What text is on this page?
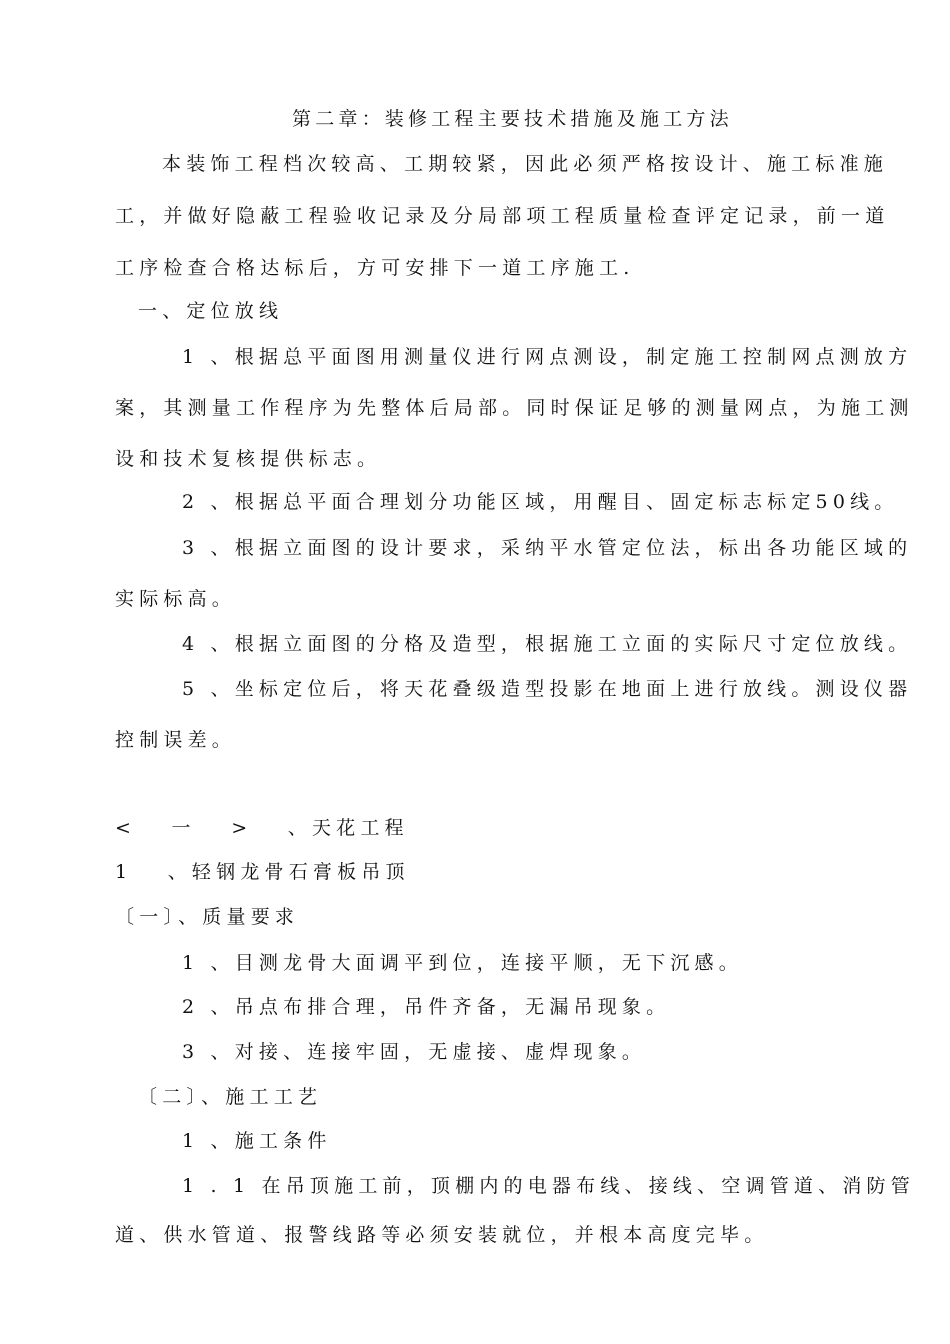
第二章：装修工程主要技术措施及施工方法
本装饰工程档次较高、工期较紧，因此必须严格按设计、施工标准施
工，并做好隐蔽工程验收记录及分局部项工程质量检查评定记录，前一道
工序检查合格达标后，方可安排下一道工序施工.
一、定位放线
1 、根据总平面图用测量仪进行网点测设，制定施工控制网点测放方
案，其测量工作程序为先整体后局部。同时保证足够的测量网点，为施工测
设和技术复核提供标志。
2 、根据总平面合理划分功能区域，用醒目、固定标志标定50线。
3 、根据立面图的设计要求，采纳平水管定位法，标出各功能区域的
实际标高。
4 、根据立面图的分格及造型，根据施工立面的实际尺寸定位放线。
5 、坐标定位后，将天花叠级造型投影在地面上进行放线。测设仪器
控制误差。
<　 一 　>　 、天花工程
1 　、轻钢龙骨石膏板吊顶
〔一〕、质量要求
1 、目测龙骨大面调平到位，连接平顺，无下沉感。
2 、吊点布排合理，吊件齐备，无漏吊现象。
3 、对接、连接牢固，无虚接、虚焊现象。
〔二〕、施工工艺
1 、施工条件
1 . 1 在吊顶施工前，顶棚内的电器布线、接线、空调管道、消防管
道、供水管道、报警线路等必须安装就位，并根本高度完毕。
